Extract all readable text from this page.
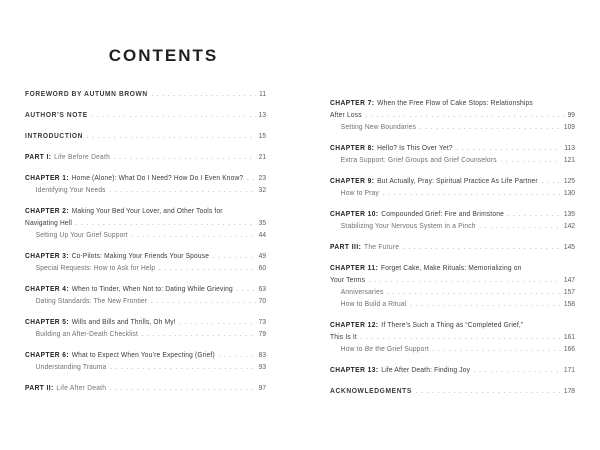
CONTENTS
FOREWORD BY AUTUMN BROWN . . .	11
AUTHOR’S NOTE . . .	13
INTRODUCTION . . .	15
PART I: Life Before Death . . .	21
CHAPTER 1: Home (Alone): What Do I Need? How Do I Even Know? . . . 23
Identifying Your Needs . . .	32
CHAPTER 2: Making Your Bed Your Lover, and Other Tools for
Navigating Hell . . .	35
Setting Up Your Grief Support . . .	44
CHAPTER 3: Co-Pilots: Making Your Friends Your Spouse . . .	49
Special Requests: How to Ask for Help . . .	60
CHAPTER 4: When to Tinder, When Not to: Dating While Grieving . . .	63
Dating Standards: The New Frontier . . .	70
CHAPTER 5: Wills and Bills and Thrills, Oh My! . . .	73
Building an After-Death Checklist . . .	79
CHAPTER 6: What to Expect When You’re Expecting (Grief) . . .	83
Understanding Trauma . . .	93
PART II: Life After Death . . .	97
CHAPTER 7: When the Free Flow of Cake Stops: Relationships
After Loss . . .	99
Setting New Boundaries . . .	109
CHAPTER 8: Hello? Is This Over Yet? . . .	113
Extra Support: Grief Groups and Grief Counselors . . .	121
CHAPTER 9: But Actually, Pray: Spiritual Practice As Life Partner . . .	125
How to Pray . . .	130
CHAPTER 10: Compounded Grief: Fire and Brimstone . . .	135
Stabilizing Your Nervous System in a Pinch . . .	142
PART III: The Future . . .	145
CHAPTER 11: Forget Cake, Make Rituals: Memorializing on
Your Terms . . .	147
Anniversaries . . .	157
How to Build a Ritual . . .	158
CHAPTER 12: If There’s Such a Thing as “Completed Grief,”
This Is It . . .	161
How to Be the Grief Support . . .	166
CHAPTER 13: Life After Death: Finding Joy . . .	171
ACKNOWLEDGMENTS . . .	178
